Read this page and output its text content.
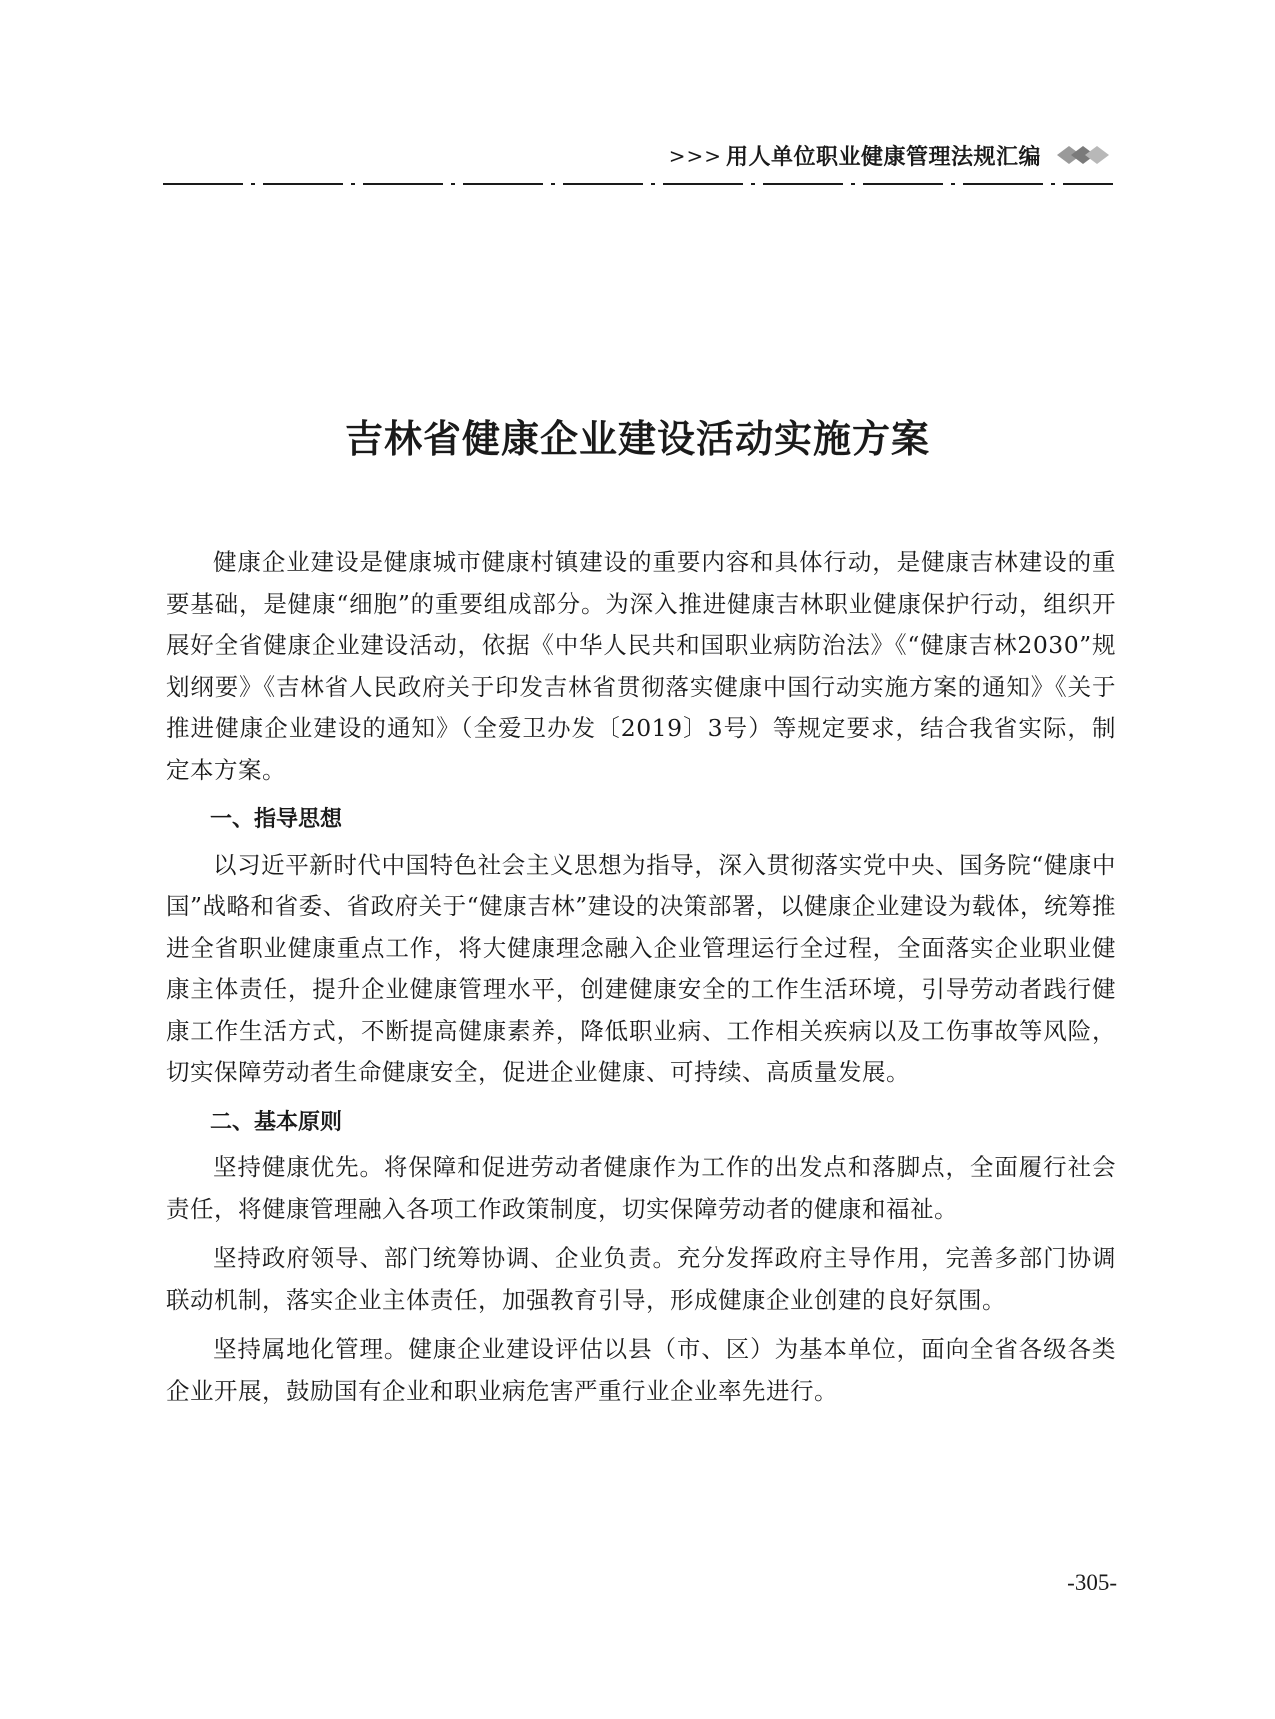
>>> 用人单位职业健康管理法规汇编
吉林省健康企业建设活动实施方案

健康企业建设是健康城市健康村镇建设的重要内容和具体行动，是健康吉林建设的重要基础，是健康“细胞”的重要组成部分。为深入推进健康吉林职业健康保护行动，组织开展好全省健康企业建设活动，依据《中华人民共和国职业病防治法》《“健康吉林2030”规划纲要》《吉林省人民政府关于印发吉林省贯彻落实健康中国行动实施方案的通知》《关于推进健康企业建设的通知》（全爱卫办发〔2019〕3号）等规定要求，结合我省实际，制定本方案。

一、指导思想

以习近平新时代中国特色社会主义思想为指导，深入贯彻落实党中央、国务院“健康中国”战略和省委、省政府关于“健康吉林”建设的决策部署，以健康企业建设为载体，统筹推进全省职业健康重点工作，将大健康理念融入企业管理运行全过程，全面落实企业职业健康主体责任，提升企业健康管理水平，创建健康安全的工作生活环境，引导劳动者践行健康工作生活方式，不断提高健康素养，降低职业病、工作相关疾病以及工伤事故等风险，切实保障劳动者生命健康安全，促进企业健康、可持续、高质量发展。

二、基本原则

坚持健康优先。将保障和促进劳动者健康作为工作的出发点和落脚点，全面履行社会责任，将健康管理融入各项工作政策制度，切实保障劳动者的健康和福祉。

坚持政府领导、部门统筹协调、企业负责。充分发挥政府主导作用，完善多部门协调联动机制，落实企业主体责任，加强教育引导，形成健康企业创建的良好氛围。

坚持属地化管理。健康企业建设评估以县（市、区）为基本单位，面向全省各级各类企业开展，鼓励国有企业和职业病危害严重行业企业率先进行。

-305-
